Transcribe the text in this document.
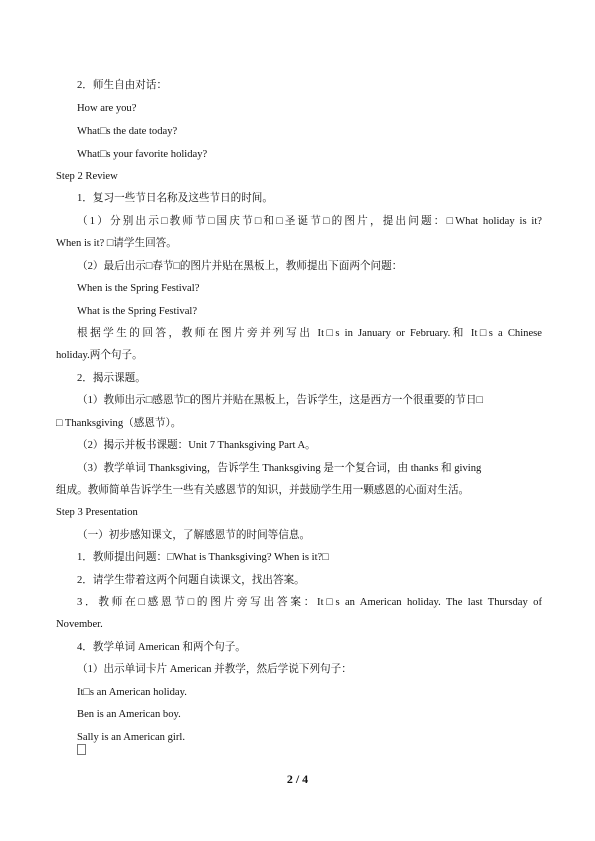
2．师生自由对话：
How are you?
What□s the date today?
What□s your favorite holiday?
Step 2 Review
1．复习一些节日名称及这些节日的时间。
（1）分别出示□教师节□国庆节□和□圣诞节□的图片，提出问题：□What holiday is it?
When is it? □请学生回答。
（2）最后出示□春节□的图片并贴在黑板上，教师提出下面两个问题：
When is the Spring Festival?
What is the Spring Festival?
根据学生的回答，教师在图片旁并列写出 It□s in January or February.和 It□s a Chinese
holiday.两个句子。
2．揭示课题。
（1）教师出示□感恩节□的图片并贴在黑板上，告诉学生，这是西方一个很重要的节日□
□ Thanksgiving（感恩节）。
（2）揭示并板书课题：Unit 7 Thanksgiving Part A。
（3）教学单词 Thanksgiving，告诉学生 Thanksgiving 是一个复合词，由 thanks 和 giving
组成。教师简单告诉学生一些有关感恩节的知识，并鼓励学生用一颗感恩的心面对生活。
Step 3 Presentation
（一）初步感知课文，了解感恩节的时间等信息。
1．教师提出问题：□What is Thanksgiving? When is it?□
2．请学生带着这两个问题自读课文，找出答案。
3．教师在□感恩节□的图片旁写出答案：It□s an American holiday. The last Thursday of
November.
4．教学单词 American 和两个句子。
（1）出示单词卡片 American 并教学，然后学说下列句子：
It□s an American holiday.
Ben is an American boy.
Sally is an American girl.
2 / 4
